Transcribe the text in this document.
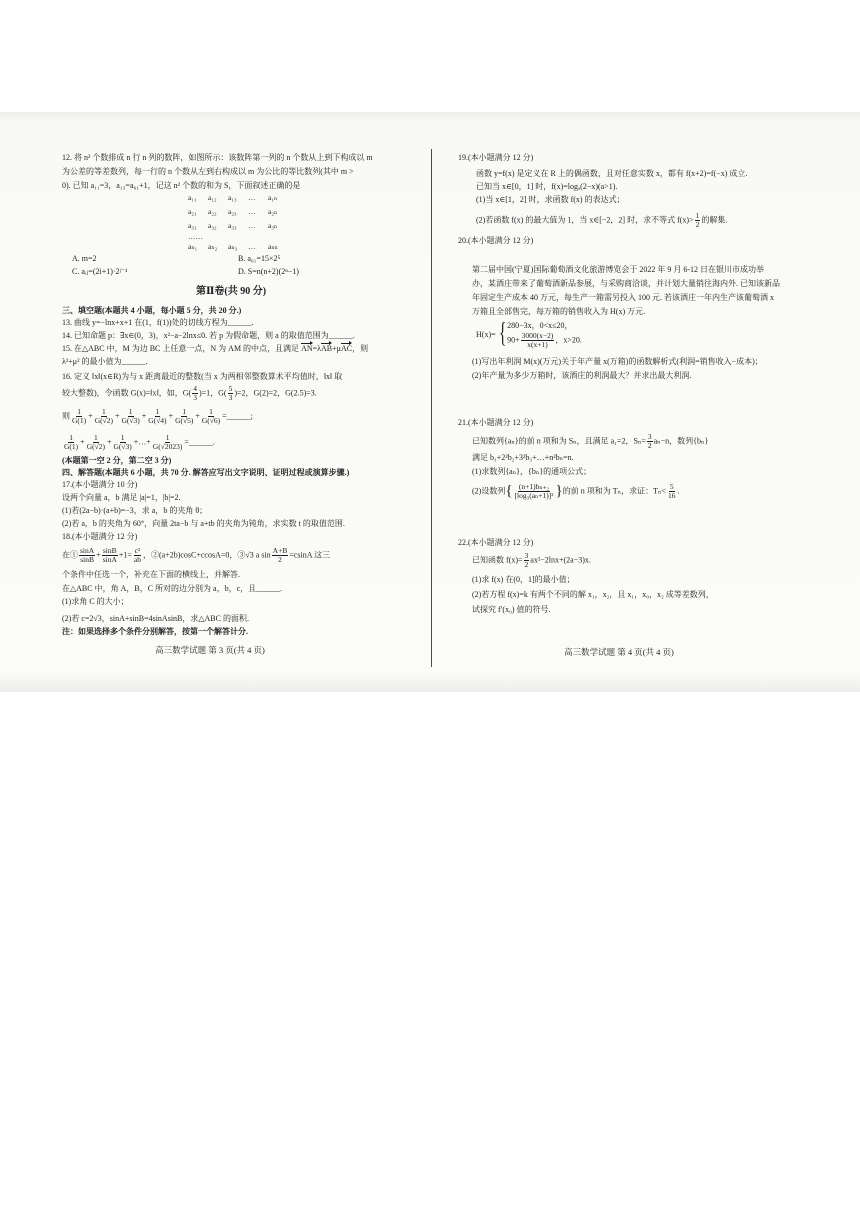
12. 将 n² 个数排成 n 行 n 列的数阵，如图所示：该数阵第一列的 n 个数从上到下构成以 m
为公差的等差数列，每一行的 n 个数从左到右构成以 m 为公比的等比数列(其中 m >
0). 已知 a₁₁=3，a₁₃=a₆₁+1，记这 n² 个数的和为 S，下面叙述正确的是
a₁₁ a₁₂ a₁₃ … a₁ₙ
a₂₁ a₂₂ a₂₃ … a₂ₙ
a₃₁ a₃₂ a₃₃ … a₃ₙ
……
aₙ₁ aₙ₂ aₙ₃ … aₙₙ
A. m=2	B. a₆₁=15×2⁵
C. aᵢⱼ=(2i+1)·2ʲ⁻¹	D. S=n(n+2)(2ⁿ−1)
第Ⅱ卷(共 90 分)
三、填空题(本题共 4 小题，每小题 5 分，共 20 分.)
13. 曲线 y=−lnx+x+1 在(1，f(1))处的切线方程为______.
14. 已知命题 p：∃x∈(0，3)，x²−a−2lnx≤0. 若 p 为假命题，则 a 的取值范围为______.
15. 在△ABC 中，M 为边 BC 上任意一点，N 为 AM 的中点，且满足 AN=λAB+μAC，则
λ²+μ² 的最小值为______.
16. 定义 ‖x‖(x∈R)为与 x 距离最近的整数(当 x 为两相邻整数算术平均值时，‖x‖ 取
较大整数)，令函数 G(x)=‖x‖，如，$G( \frac{4}{3} )=1$，$G( \frac{5}{3} )=2$，G(2)=2，G(2.5)=3.
则 $\frac{1}{G(1)} + \frac{1}{G(√2)} + \frac{1}{G(√3)} + \frac{1}{G(√4)} + \frac{1}{G(√5)} + \frac{1}{G(√6)}$ =______;
$\frac{1}{G(1)} + \frac{1}{G(√2)} + \frac{1}{G(√3)}$ +…+ $\frac{1}{G(√2023)}$ =______.
(本题第一空 2 分，第二空 3 分)
四、解答题(本题共 6 小题，共 70 分. 解答应写出文字说明、证明过程或演算步骤.)
17.(本小题满分 10 分)
设两个向量 a，b 满足 |a|=1，|b|=2.
(1)若(2a−b)·(a+b)=−3，求 a，b 的夹角 θ；
(2)若 a，b 的夹角为 60°，向量 2ta−b 与 a+tb 的夹角为钝角，求实数 t 的取值范围.
18.(本小题满分 12 分)
在① $\frac{\sin A}{\sin B} + \frac{\sin B}{\sin A} +1= \frac{\text{c²}}{ab}$ ，②(a+2b)cosC+ccosA=0，③√3 a $\sin \frac{A+B}{2} =csinA$ 这三
个条件中任选一个，补充在下面的横线上，并解答.
在△ABC 中，角 A，B，C 所对的边分别为 a，b，c，且______.
(1)求角 C 的大小；
(2)若 c=2√3，sinA+sinB=4sinAsinB，求△ABC 的面积.
注：如果选择多个条件分别解答，按第一个解答计分.
高三数学试题 第 3 页(共 4 页)
19.(本小题满分 12 分)
函数 y=f(x) 是定义在 R 上的偶函数，且对任意实数 x，都有 f(x+2)=f(−x) 成立.
已知当 x∈[0，1] 时，f(x)=logₐ(2−x)(a>1).
(1)当 x∈[1，2] 时，求函数 f(x) 的表达式；
(2)若函数 f(x) 的最大值为 1，当 x∈[−2，2] 时，求不等式 $f(x)> \frac{1}{2}$ 的解集.
20.(本小题满分 12 分)
第二届中国(宁夏)国际葡萄酒文化旅游博览会于 2022 年 9 月 6-12 日在银川市成功举
办，某酒庄带来了葡萄酒新品参展，与采购商洽谈，并计划大量销往海内外. 已知该新品
年固定生产成本 40 万元，每生产一箱需另投入 100 元. 若该酒庄一年内生产该葡萄酒 x
万箱且全部售完，每万箱的销售收入为 H(x) 万元.
H(x)= { 280−3x，0<x≤20，
$90+ \frac{3000(x-2)}{x(x+1)}$ ，x>20.
(1)写出年利润 M(x)(万元)关于年产量 x(万箱)的函数解析式(利润=销售收入−成本)；
(2)年产量为多少万箱时，该酒庄的利润最大？并求出最大利润.
21.(本小题满分 12 分)
已知数列{aₙ}的前 n 项和为 Sₙ，且满足 a₁=2，$S_n= \frac{3}{2} a_n-n$，数列{bₙ}
满足 b₁+2²b₂+3²b₃+…+n²bₙ=n.
(1)求数列{aₙ}，{bₙ}的通项公式；
(2)设数列{ $\frac{\text{(n+1)bₙ₊₂}}{\text{[log₃(aₙ+1)]²}}$ }的前 n 项和为 Tₙ，求证：$T_n< \frac{5}{16}$ .
22.(本小题满分 12 分)
已知函数 $f(x)= \frac{3}{2} ax^2-2\ln x+(2a-3)x$.
(1)求 f(x) 在(0，1]的最小值；
(2)若方程 f(x)=k 有两个不同的解 x₁，x₂，且 x₁，x₀，x₂ 成等差数列，
试探究 f′(x₀) 值的符号.
高三数学试题 第 4 页(共 4 页)
